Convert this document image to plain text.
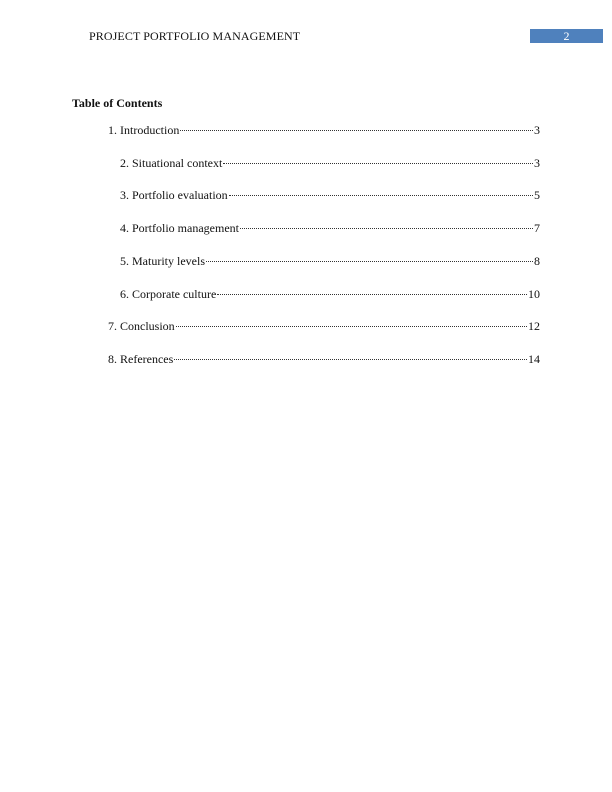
PROJECT PORTFOLIO MANAGEMENT	2
Table of Contents
1. Introduction	3
2. Situational context	3
3. Portfolio evaluation	5
4. Portfolio management	7
5. Maturity levels	8
6. Corporate culture	10
7. Conclusion	12
8. References	14
